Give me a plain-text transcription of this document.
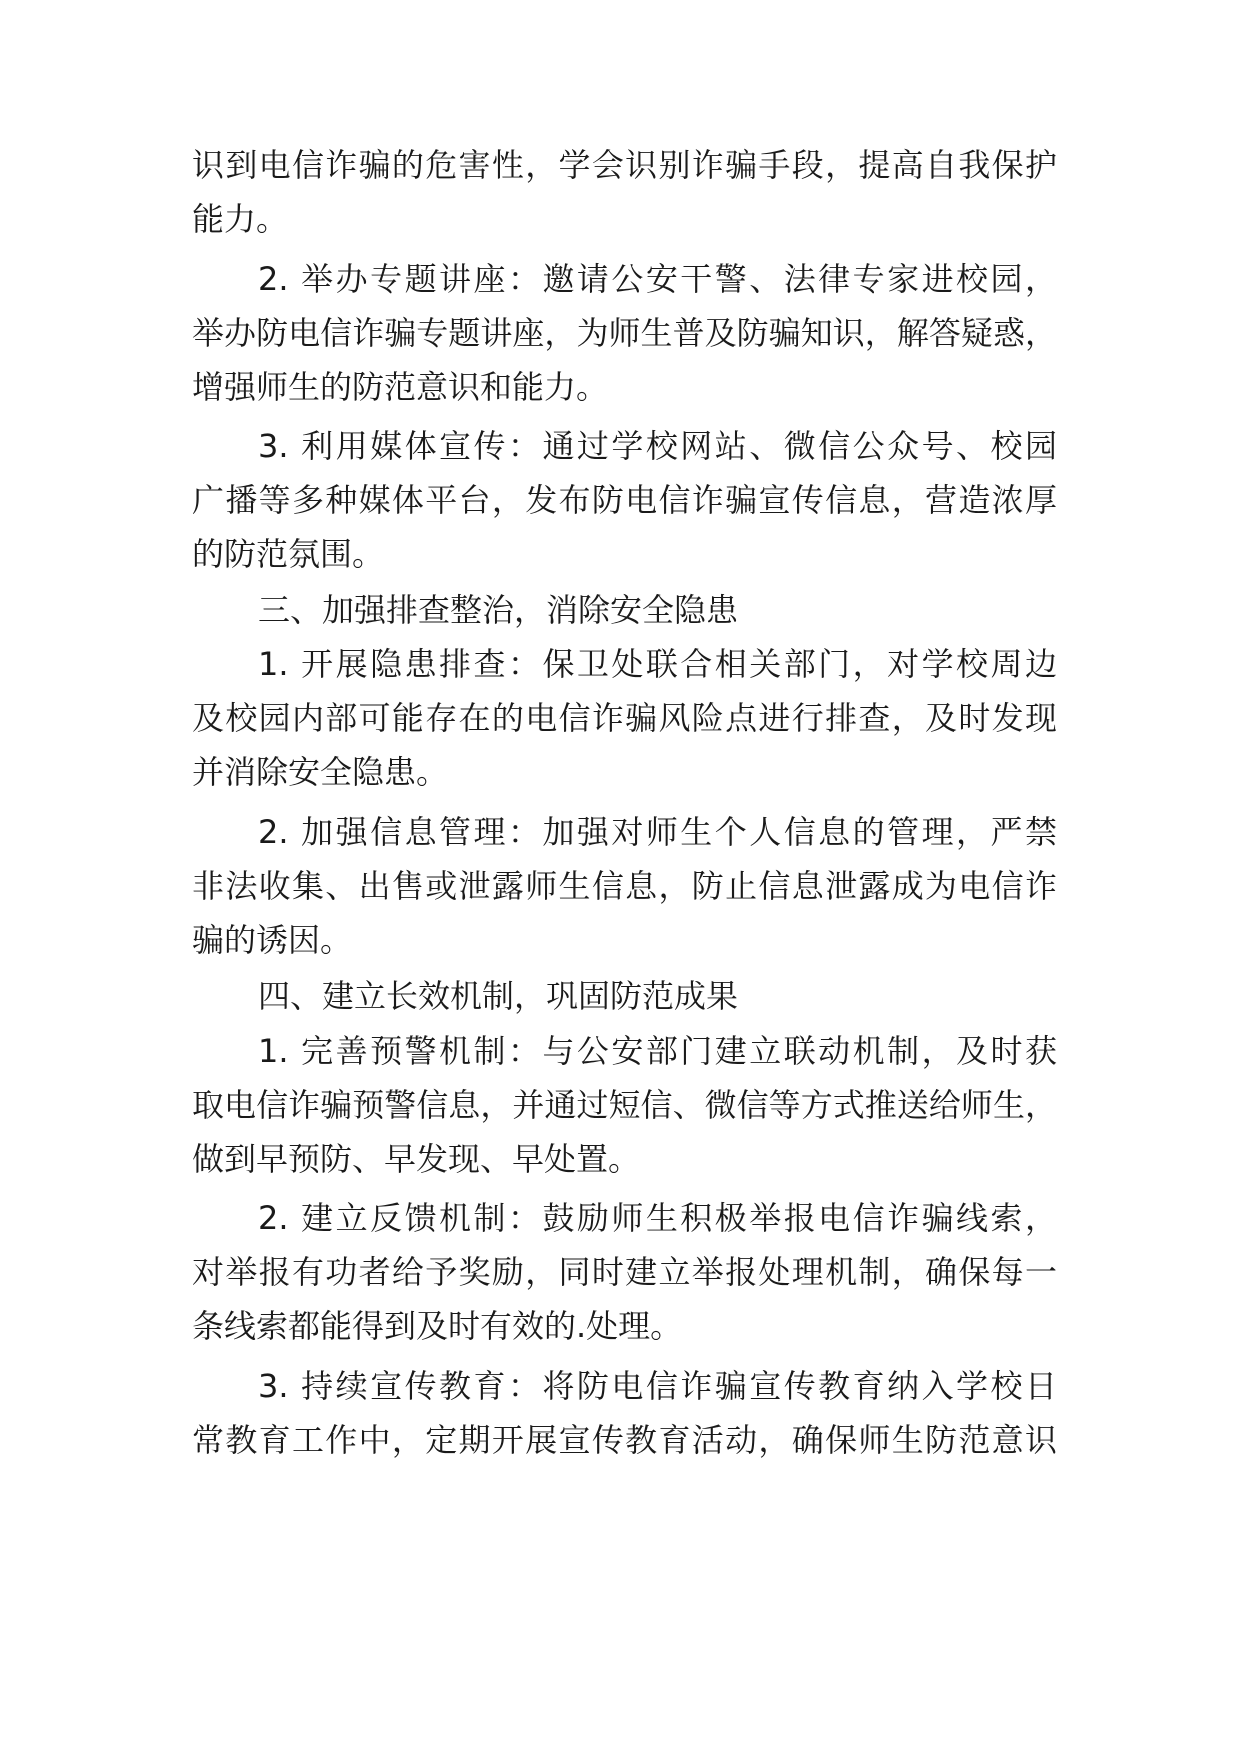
识到电信诈骗的危害性，学会识别诈骗手段，提高自我保护
能力。
2. 举办专题讲座：邀请公安干警、法律专家进校园，
举办防电信诈骗专题讲座，为师生普及防骗知识，解答疑惑，
增强师生的防范意识和能力。
3. 利用媒体宣传：通过学校网站、微信公众号、校园
广播等多种媒体平台，发布防电信诈骗宣传信息，营造浓厚
的防范氛围。
三、加强排查整治，消除安全隐患
1. 开展隐患排查：保卫处联合相关部门，对学校周边
及校园内部可能存在的电信诈骗风险点进行排查，及时发现
并消除安全隐患。
2. 加强信息管理：加强对师生个人信息的管理，严禁
非法收集、出售或泄露师生信息，防止信息泄露成为电信诈
骗的诱因。
四、建立长效机制，巩固防范成果
1. 完善预警机制：与公安部门建立联动机制，及时获
取电信诈骗预警信息，并通过短信、微信等方式推送给师生，
做到早预防、早发现、早处置。
2. 建立反馈机制：鼓励师生积极举报电信诈骗线索，
对举报有功者给予奖励，同时建立举报处理机制，确保每一
条线索都能得到及时有效的.处理。
3. 持续宣传教育：将防电信诈骗宣传教育纳入学校日
常教育工作中，定期开展宣传教育活动，确保师生防范意识
